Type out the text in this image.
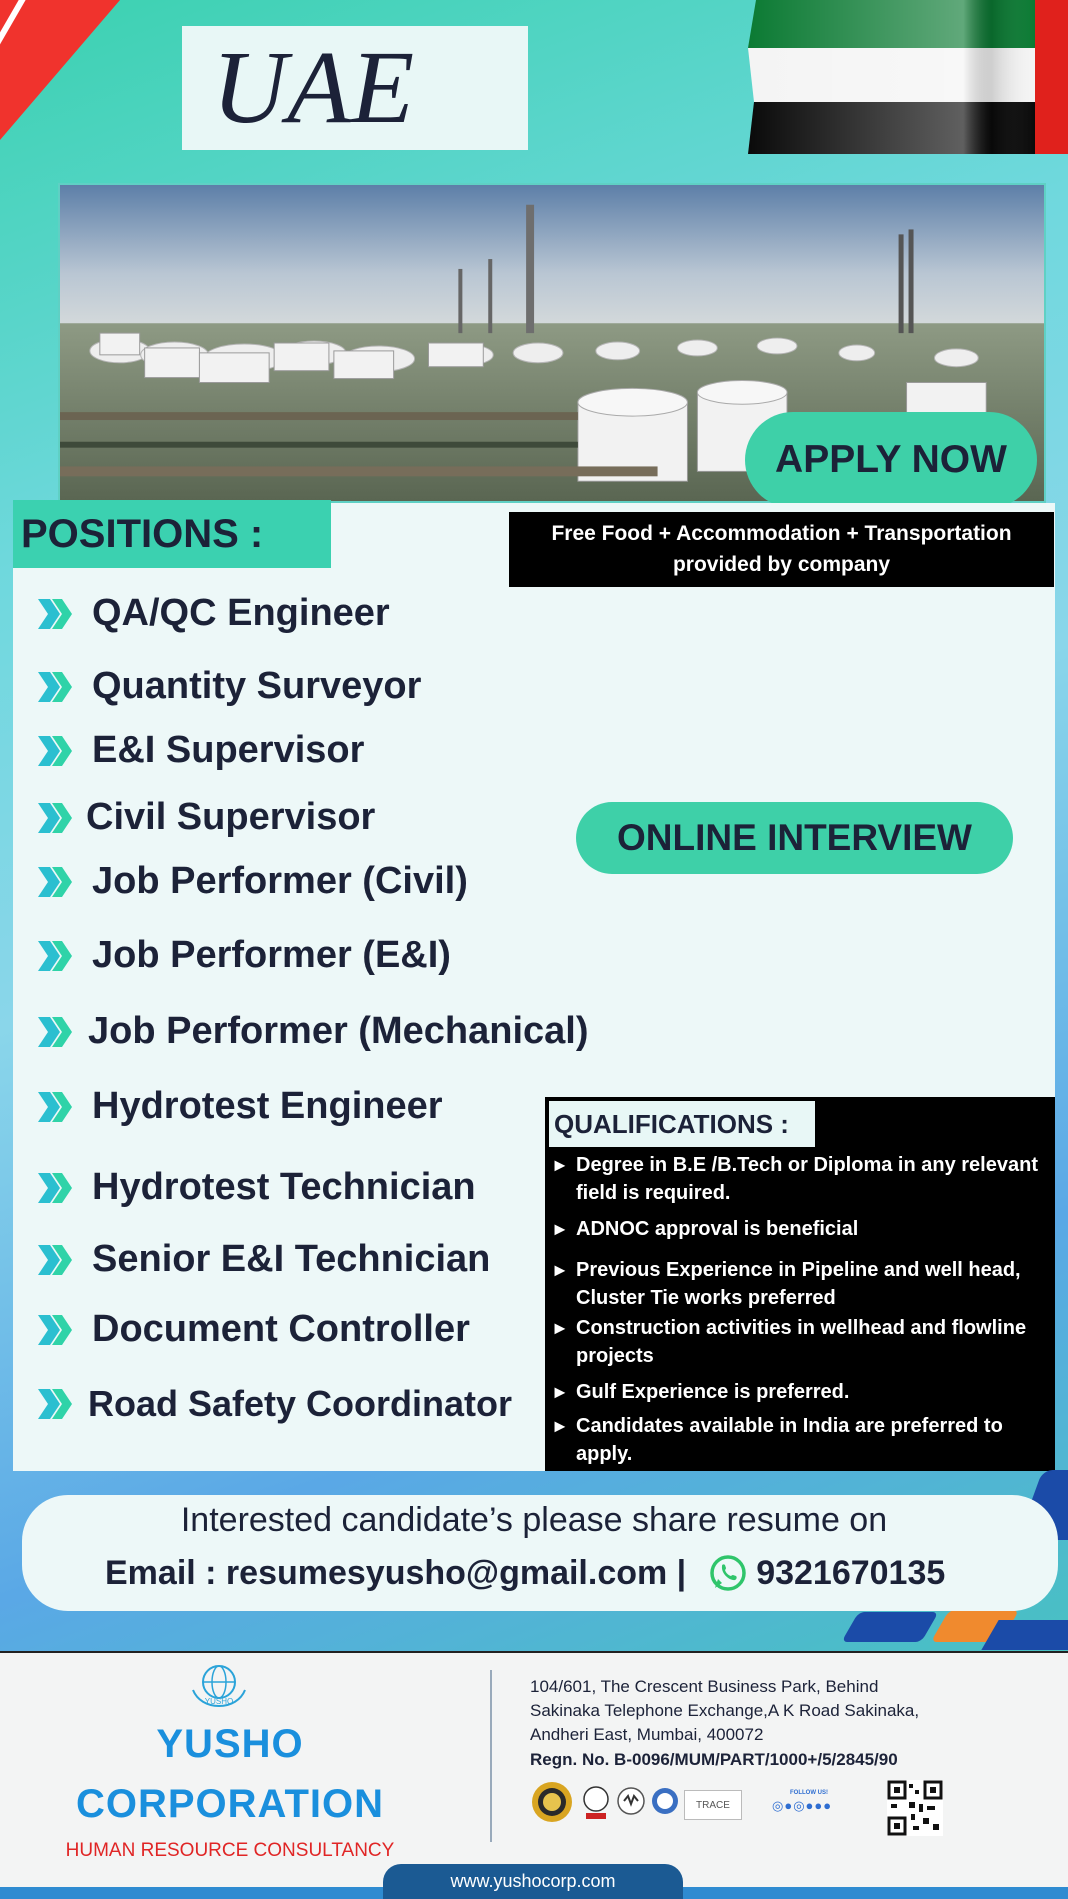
UAE
APPLY NOW
POSITIONS :	Free Food + Accommodation + Transportation
provided by company
QA/QC Engineer
Quantity Surveyor
E&I Supervisor
Civil Supervisor
Job Performer (Civil)
Job Performer (E&I)
Job Performer (Mechanical)
Hydrotest Engineer
Hydrotest Technician
Senior E&I Technician
Document Controller
Road Safety Coordinator
ONLINE INTERVIEW
QUALIFICATIONS :
► Degree in B.E /B.Tech or Diploma in any relevant field is required.
► ADNOC approval is beneficial
► Previous Experience in Pipeline and well head, Cluster Tie works preferred
► Construction activities in wellhead and flowline projects
► Gulf Experience is preferred.
► Candidates available in India are preferred to apply.
Interested candidate’s please share resume on
Email : resumesyusho@gmail.com | 9321670135
YUSHO
YUSHO
CORPORATION
HUMAN RESOURCE CONSULTANCY
104/601, The Crescent Business Park, Behind
Sakinaka Telephone Exchange,A K Road Sakinaka,
Andheri East, Mumbai, 400072
Regn. No. B-0096/MUM/PART/1000+/5/2845/90
TRACE
FOLLOW US!
◎●◎●●●
www.yushocorp.com
